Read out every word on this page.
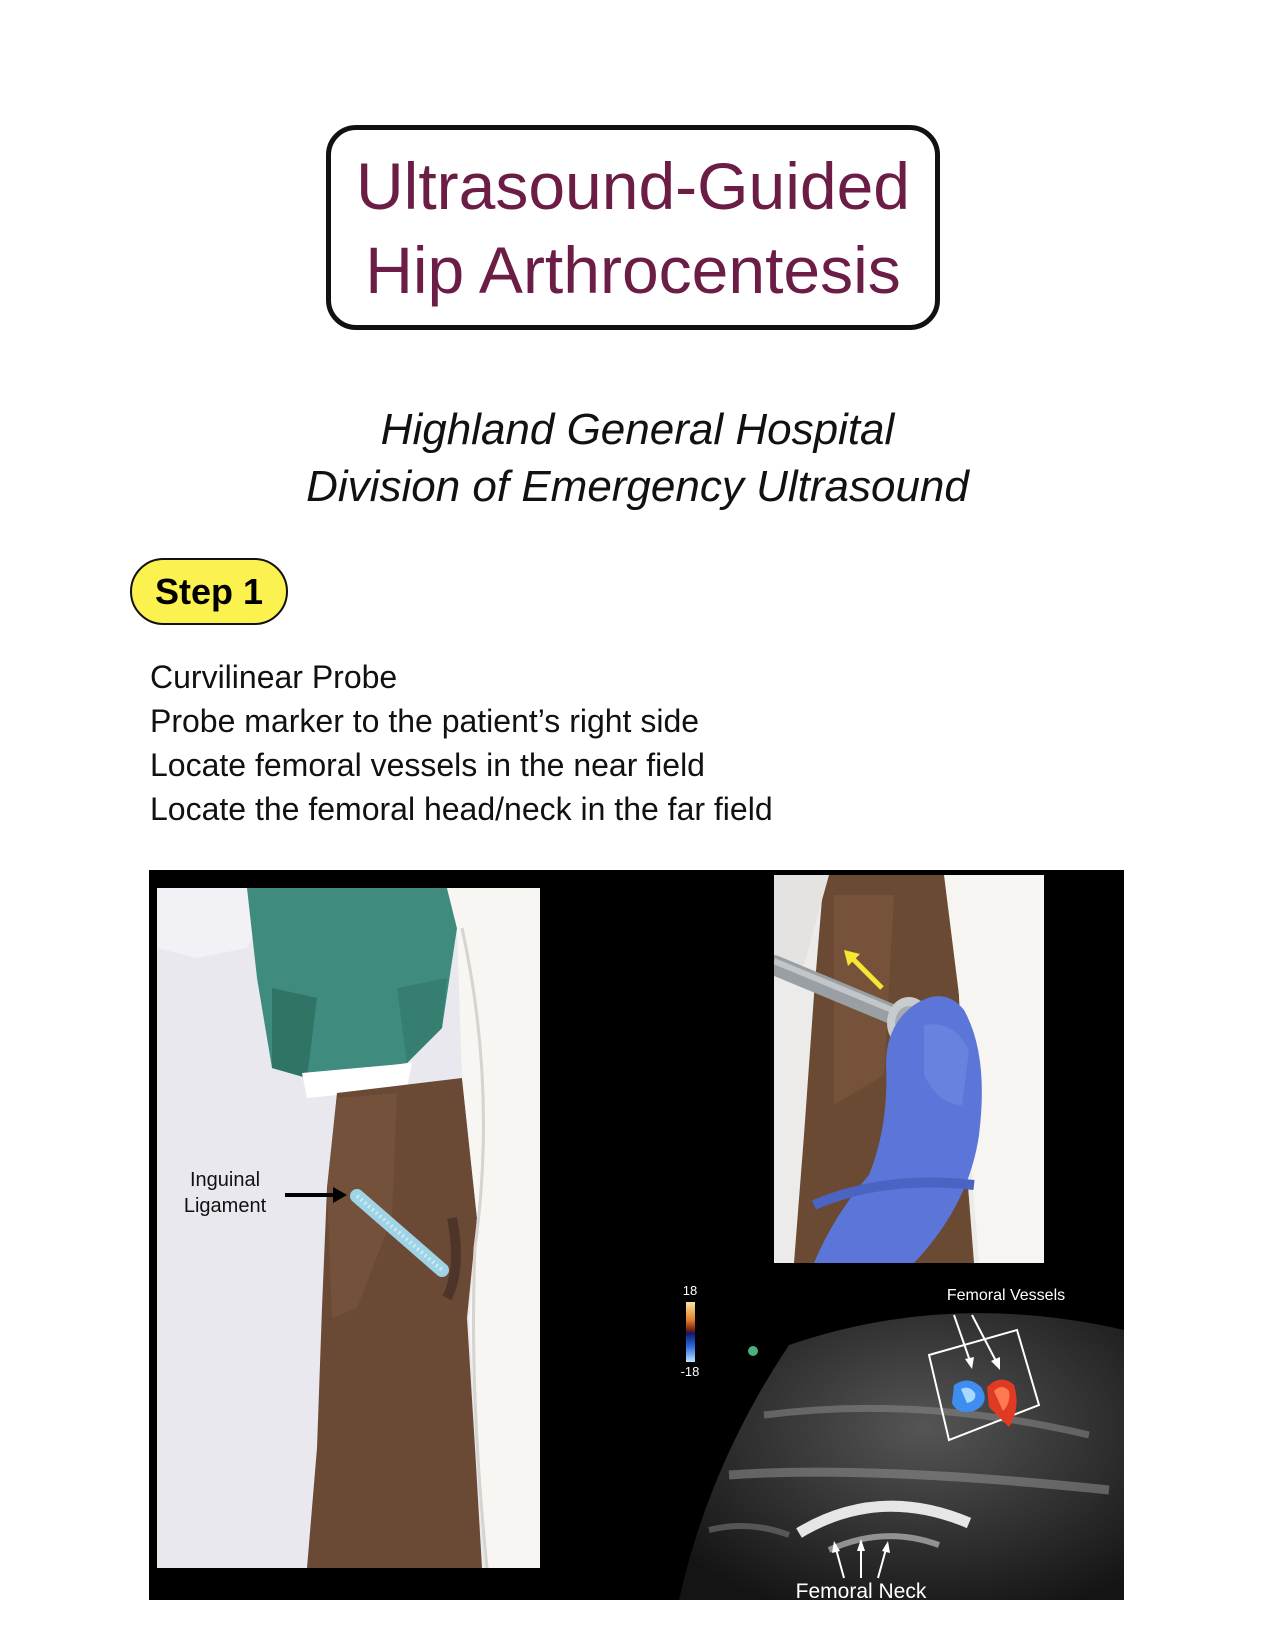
Ultrasound-Guided
Hip Arthrocentesis
Highland General Hospital
Division of Emergency Ultrasound
Step 1
Curvilinear Probe
Probe marker to the patient’s right side
Locate femoral vessels in the near field
Locate the femoral head/neck in the far field
Inguinal
Ligament
18
-18
Femoral Vessels
Femoral Neck
